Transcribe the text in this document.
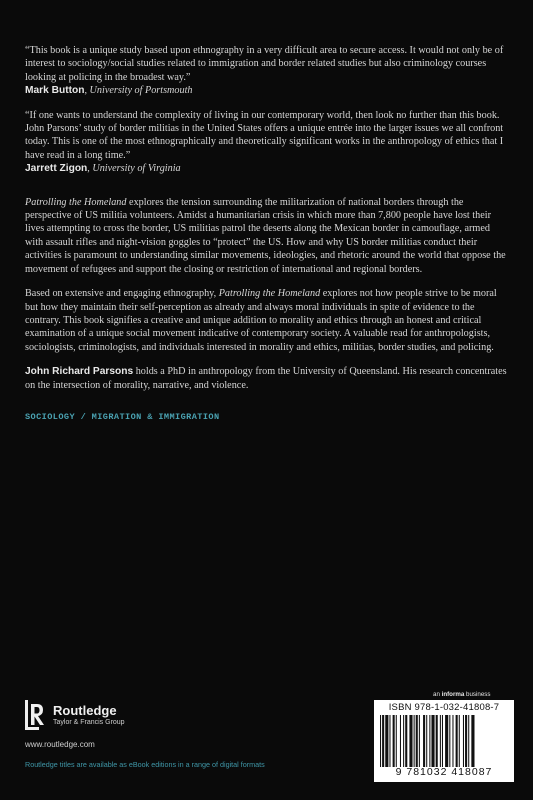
“This book is a unique study based upon ethnography in a very difficult area to secure access. It would not only be of interest to sociology/social studies related to immigration and border related studies but also criminology courses looking at policing in the broadest way.”

Mark Button, University of Portsmouth

“If one wants to understand the complexity of living in our contemporary world, then look no further than this book. John Parsons’ study of border militias in the United States offers a unique entrée into the larger issues we all confront today. This is one of the most ethnographically and theoretically significant works in the anthropology of ethics that I have read in a long time.”

Jarrett Zigon, University of Virginia

Patrolling the Homeland explores the tension surrounding the militarization of national borders through the perspective of US militia volunteers. Amidst a humanitarian crisis in which more than 7,800 people have lost their lives attempting to cross the border, US militias patrol the deserts along the Mexican border in camouflage, armed with assault rifles and night-vision goggles to “protect” the US. How and why US border militias conduct their activities is paramount to understanding similar movements, ideologies, and rhetoric around the world that oppose the movement of refugees and support the closing or restriction of international and regional borders.

Based on extensive and engaging ethnography, Patrolling the Homeland explores not how people strive to be moral but how they maintain their self-perception as already and always moral individuals in spite of evidence to the contrary. This book signifies a creative and unique addition to morality and ethics through an honest and critical examination of a unique social movement indicative of contemporary society. A valuable read for anthropologists, sociologists, criminologists, and individuals interested in morality and ethics, militias, border studies, and policing.

John Richard Parsons holds a PhD in anthropology from the University of Queensland. His research concentrates on the intersection of morality, narrative, and violence.

SOCIOLOGY / MIGRATION & IMMIGRATION
Routledge
Taylor & Francis Group
www.routledge.com
Routledge titles are available as eBook editions in a range of digital formats
an informa business
ISBN 978-1-032-41808-7
9 781032 418087
